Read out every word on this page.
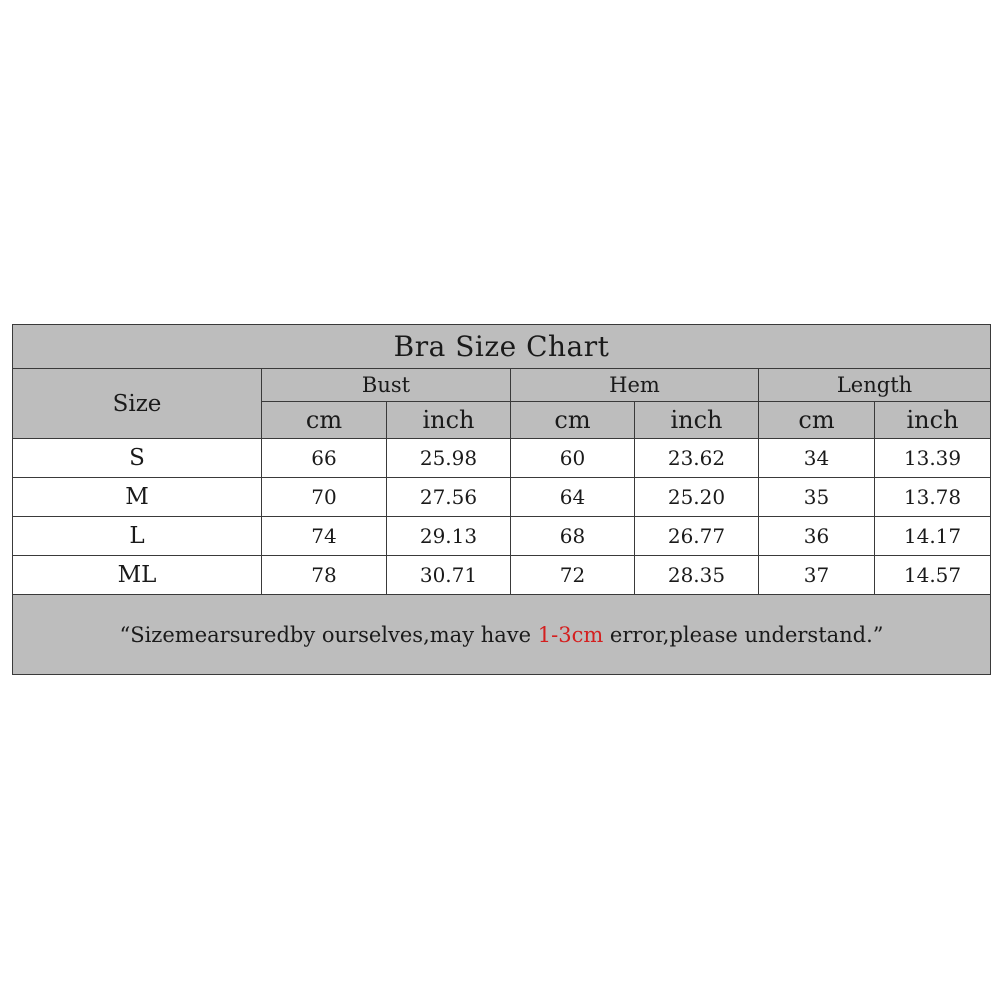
Bra Size Chart						
Size	Bust		Hem		Length	
	cm	inch	cm	inch	cm	inch
S	66	25.98	60	23.62	34	13.39
M	70	27.56	64	25.20	35	13.78
L	74	29.13	68	26.77	36	14.17
ML	78	30.71	72	28.35	37	14.57
“Sizemearsuredby ourselves,may have 1-3cm error,please understand.”						
